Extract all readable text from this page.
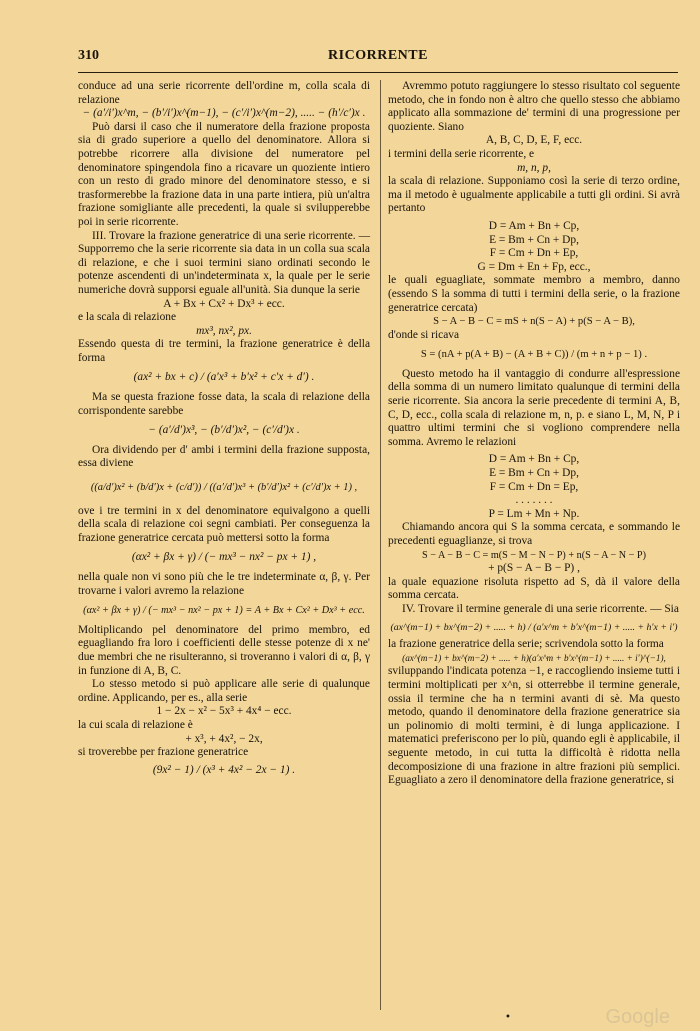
310	RICORRENTE

conduce ad una serie ricorrente dell'ordine m, colla scala di relazione

− (a′/i′)x^m, − (b′/i′)x^(m−1), − (c′/i′)x^(m−2), ..... − (h′/c′)x .

Può darsi il caso che il numeratore della frazione proposta sia di grado superiore a quello del denominatore. Allora si potrebbe ricorrere alla divisione del numeratore pel denominatore spingendola fino a ricavare un quoziente intiero con un resto di grado minore del denominatore stesso, e si trasformerebbe la frazione data in una parte intiera, più un'altra frazione somigliante alle precedenti, la quale si svilupperebbe poi in serie ricorrente.

III. Trovare la frazione generatrice di una serie ricorrente. — Supporremo che la serie ricorrente sia data in un colla sua scala di relazione, e che i suoi termini siano ordinati secondo le potenze ascendenti di un'indeterminata x, la quale per le serie numeriche dovrà supporsi eguale all'unità. Sia dunque la serie

A + Bx + Cx² + Dx³ + ecc.

e la scala di relazione

mx³, nx², px.

Essendo questa di tre termini, la frazione generatrice è della forma

(ax² + bx + c) / (a′x³ + b′x² + c′x + d′) .

Ma se questa frazione fosse data, la scala di relazione della corrispondente sarebbe

− (a′/d′)x³, − (b′/d′)x², − (c′/d′)x .

Ora dividendo per d′ ambi i termini della frazione supposta, essa diviene

((a/d′)x² + (b/d′)x + (c/d′)) / ((a′/d′)x³ + (b′/d′)x² + (c′/d′)x + 1) ,

ove i tre termini in x del denominatore equivalgono a quelli della scala di relazione coi segni cambiati. Per conseguenza la frazione generatrice cercata può mettersi sotto la forma

(αx² + βx + γ) / (− mx³ − nx² − px + 1) ,

nella quale non vi sono più che le tre indeterminate α, β, γ. Per trovarne i valori avremo la relazione

(αx² + βx + γ) / (− mx³ − nx² − px + 1) = A + Bx + Cx² + Dx³ + ecc.

Moltiplicando pel denominatore del primo membro, ed eguagliando fra loro i coefficienti delle stesse potenze di x ne' due membri che ne risulteranno, si troveranno i valori di α, β, γ in funzione di A, B, C.

Lo stesso metodo si può applicare alle serie di qualunque ordine. Applicando, per es., alla serie

1 − 2x − x² − 5x³ + 4x⁴ − ecc.

la cui scala di relazione è

+ x³, + 4x², − 2x,

si troverebbe per frazione generatrice

(9x² − 1) / (x³ + 4x² − 2x − 1) .

Avremmo potuto raggiungere lo stesso risultato col seguente metodo, che in fondo non è altro che quello stesso che abbiamo applicato alla sommazione de' termini di una progressione per quoziente. Siano

A, B, C, D, E, F, ecc.

i termini della serie ricorrente, e

m, n, p,

la scala di relazione. Supponiamo così la serie di terzo ordine, ma il metodo è ugualmente applicabile a tutti gli ordini. Si avrà pertanto

D = Am + Bn + Cp,

E = Bm + Cn + Dp,

F = Cm + Dn + Ep,

G = Dm + En + Fp, ecc.,

le quali eguagliate, sommate membro a membro, danno (essendo S la somma di tutti i termini della serie, o la frazione generatrice cercata)

S − A − B − C = mS + n(S − A) + p(S − A − B),

d'onde si ricava

S = (nA + p(A + B) − (A + B + C)) / (m + n + p − 1) .

Questo metodo ha il vantaggio di condurre all'espressione della somma di un numero limitato qualunque di termini della serie ricorrente. Sia ancora la serie precedente di termini A, B, C, D, ecc., colla scala di relazione m, n, p. e siano L, M, N, P i quattro ultimi termini che si vogliono comprendere nella somma. Avremo le relazioni

D = Am + Bn + Cp,

E = Bm + Cn + Dp,

F = Cm + Dn = Ep,

. . . . . . .

P = Lm + Mn + Np.

Chiamando ancora qui S la somma cercata, e sommando le precedenti eguaglianze, si trova

S − A − B − C = m(S − M − N − P) + n(S − A − N − P)

+ p(S − A − B − P) ,

la quale equazione risoluta rispetto ad S, dà il valore della somma cercata.

IV. Trovare il termine generale di una serie ricorrente. — Sia

(ax^(m−1) + bx^(m−2) + ..... + h) / (a′x^m + b′x^(m−1) + ..... + h′x + i′)

la frazione generatrice della serie; scrivendola sotto la forma

(ax^(m−1) + bx^(m−2) + ..... + h)(a′x^m + b′x^(m−1) + ..... + i′)^(−1),

sviluppando l'indicata potenza −1, e raccogliendo insieme tutti i termini moltiplicati per x^n, si otterrebbe il termine generale, ossia il termine che ha n termini avanti di sè. Ma questo metodo, quando il denominatore della frazione generatrice sia un polinomio di molti termini, è di lunga applicazione. I matematici preferiscono per lo più, quando egli è applicabile, il seguente metodo, in cui tutta la difficoltà è ridotta nella decomposizione di una frazione in altre frazioni più semplici. Eguagliato a zero il denominatore della frazione generatrice, si

•	Google
